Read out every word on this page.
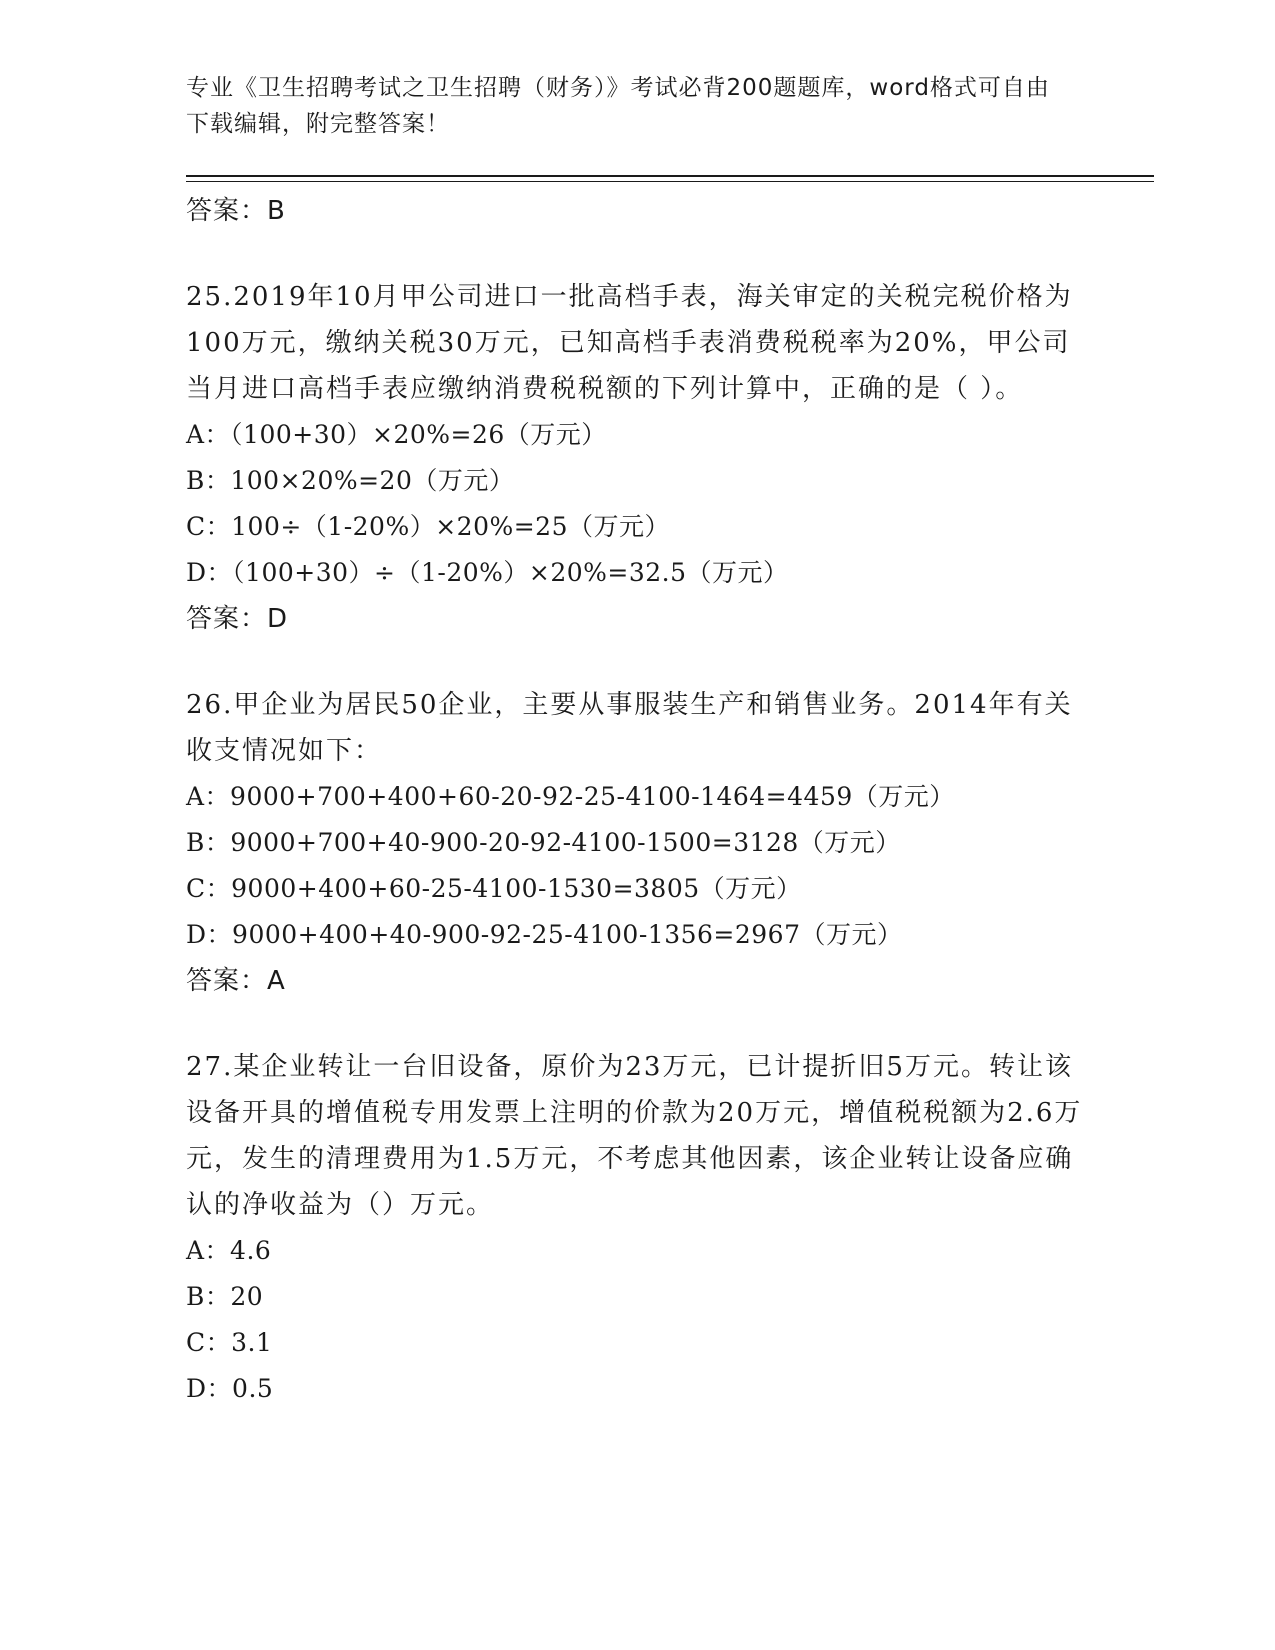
专业《卫生招聘考试之卫生招聘（财务）》考试必背200题题库，word格式可自由下载编辑，附完整答案！
答案：B
25.2019年10月甲公司进口一批高档手表，海关审定的关税完税价格为100万元，缴纳关税30万元，已知高档手表消费税税率为20%，甲公司当月进口高档手表应缴纳消费税税额的下列计算中，正确的是（ ）。
A：（100+30）×20%=26（万元）
B：100×20%=20（万元）
C：100÷（1-20%）×20%=25（万元）
D：（100+30）÷（1-20%）×20%=32.5（万元）
答案：D
26.甲企业为居民50企业，主要从事服装生产和销售业务。2014年有关收支情况如下：
A：9000+700+400+60-20-92-25-4100-1464=4459（万元）
B：9000+700+40-900-20-92-4100-1500=3128（万元）
C：9000+400+60-25-4100-1530=3805（万元）
D：9000+400+40-900-92-25-4100-1356=2967（万元）
答案：A
27.某企业转让一台旧设备，原价为23万元，已计提折旧5万元。转让该设备开具的增值税专用发票上注明的价款为20万元，增值税税额为2.6万元，发生的清理费用为1.5万元，不考虑其他因素，该企业转让设备应确认的净收益为（）万元。
A：4.6
B：20
C：3.1
D：0.5
